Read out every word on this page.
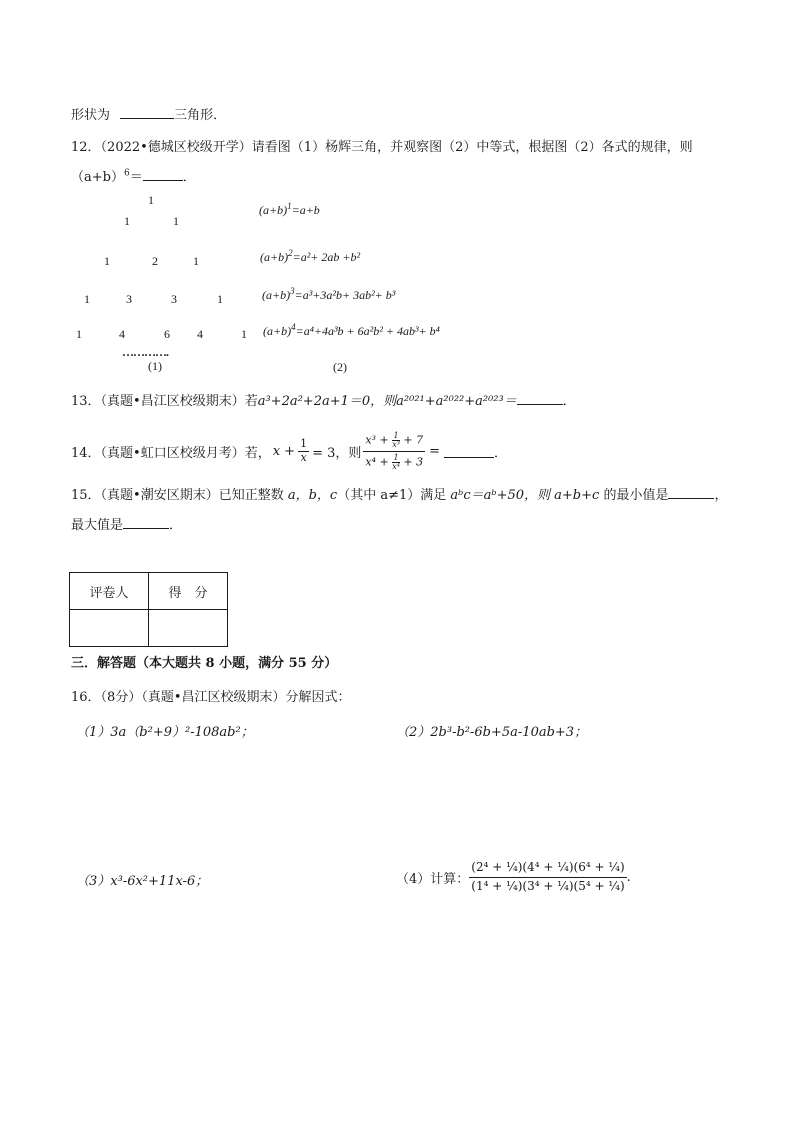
形状为	三角形．
12．（2022•德城区校级开学）请看图（1）杨辉三角，并观察图（2）中等式，根据图（2）各式的规律，则
$(a+b)^6=$	．
1
1	1
1	2	1
1	3	3	1
1	4	6 4	1
………….
(1)
$(a+b)^1=a+b$
$(a+b)^2=a^2+ 2ab +b^2$
$(a+b)^3=a^3+3a^2b+ 3ab^2+ b^3$
$(a+b)^4=a^4+4a^3b + 6a^2b^2 + 4ab^3+ b^4$
(2)
13．（真题•昌江区校级期末）若a³+2a²+2a+1＝0，则a²⁰²¹+a²⁰²²+a²⁰²³＝	．
14．（真题•虹口区校级月考）若， $x + \frac{1}{x} = 3$，则 $\frac{x^3 + \frac{1}{\text{x³}} + 7}{x^4 + \frac{1}{\text{x⁴}} + 3}$ =	．
15．（真题•潮安区期末）已知正整数 a，b，c（其中 a≠1）满足 aᵇc＝aᵇ+50，则 a+b+c 的最小值是	，
最大值是	．
评卷人	得　分

三．解答题（本大题共 8 小题，满分 55 分）
16．（8分）（真题•昌江区校级期末）分解因式：
（1）3a（b²+9）²-108ab²；	（2）2b³-b²-6b+5a-10ab+3；
（3）x³-6x²+11x-6；	（4）计算： $\frac{\text{(2⁴ + ¼)(4⁴ + ¼)(6⁴ + ¼)}}{\text{(1⁴ + ¼)(3⁴ + ¼)(5⁴ + ¼)}}$ .
